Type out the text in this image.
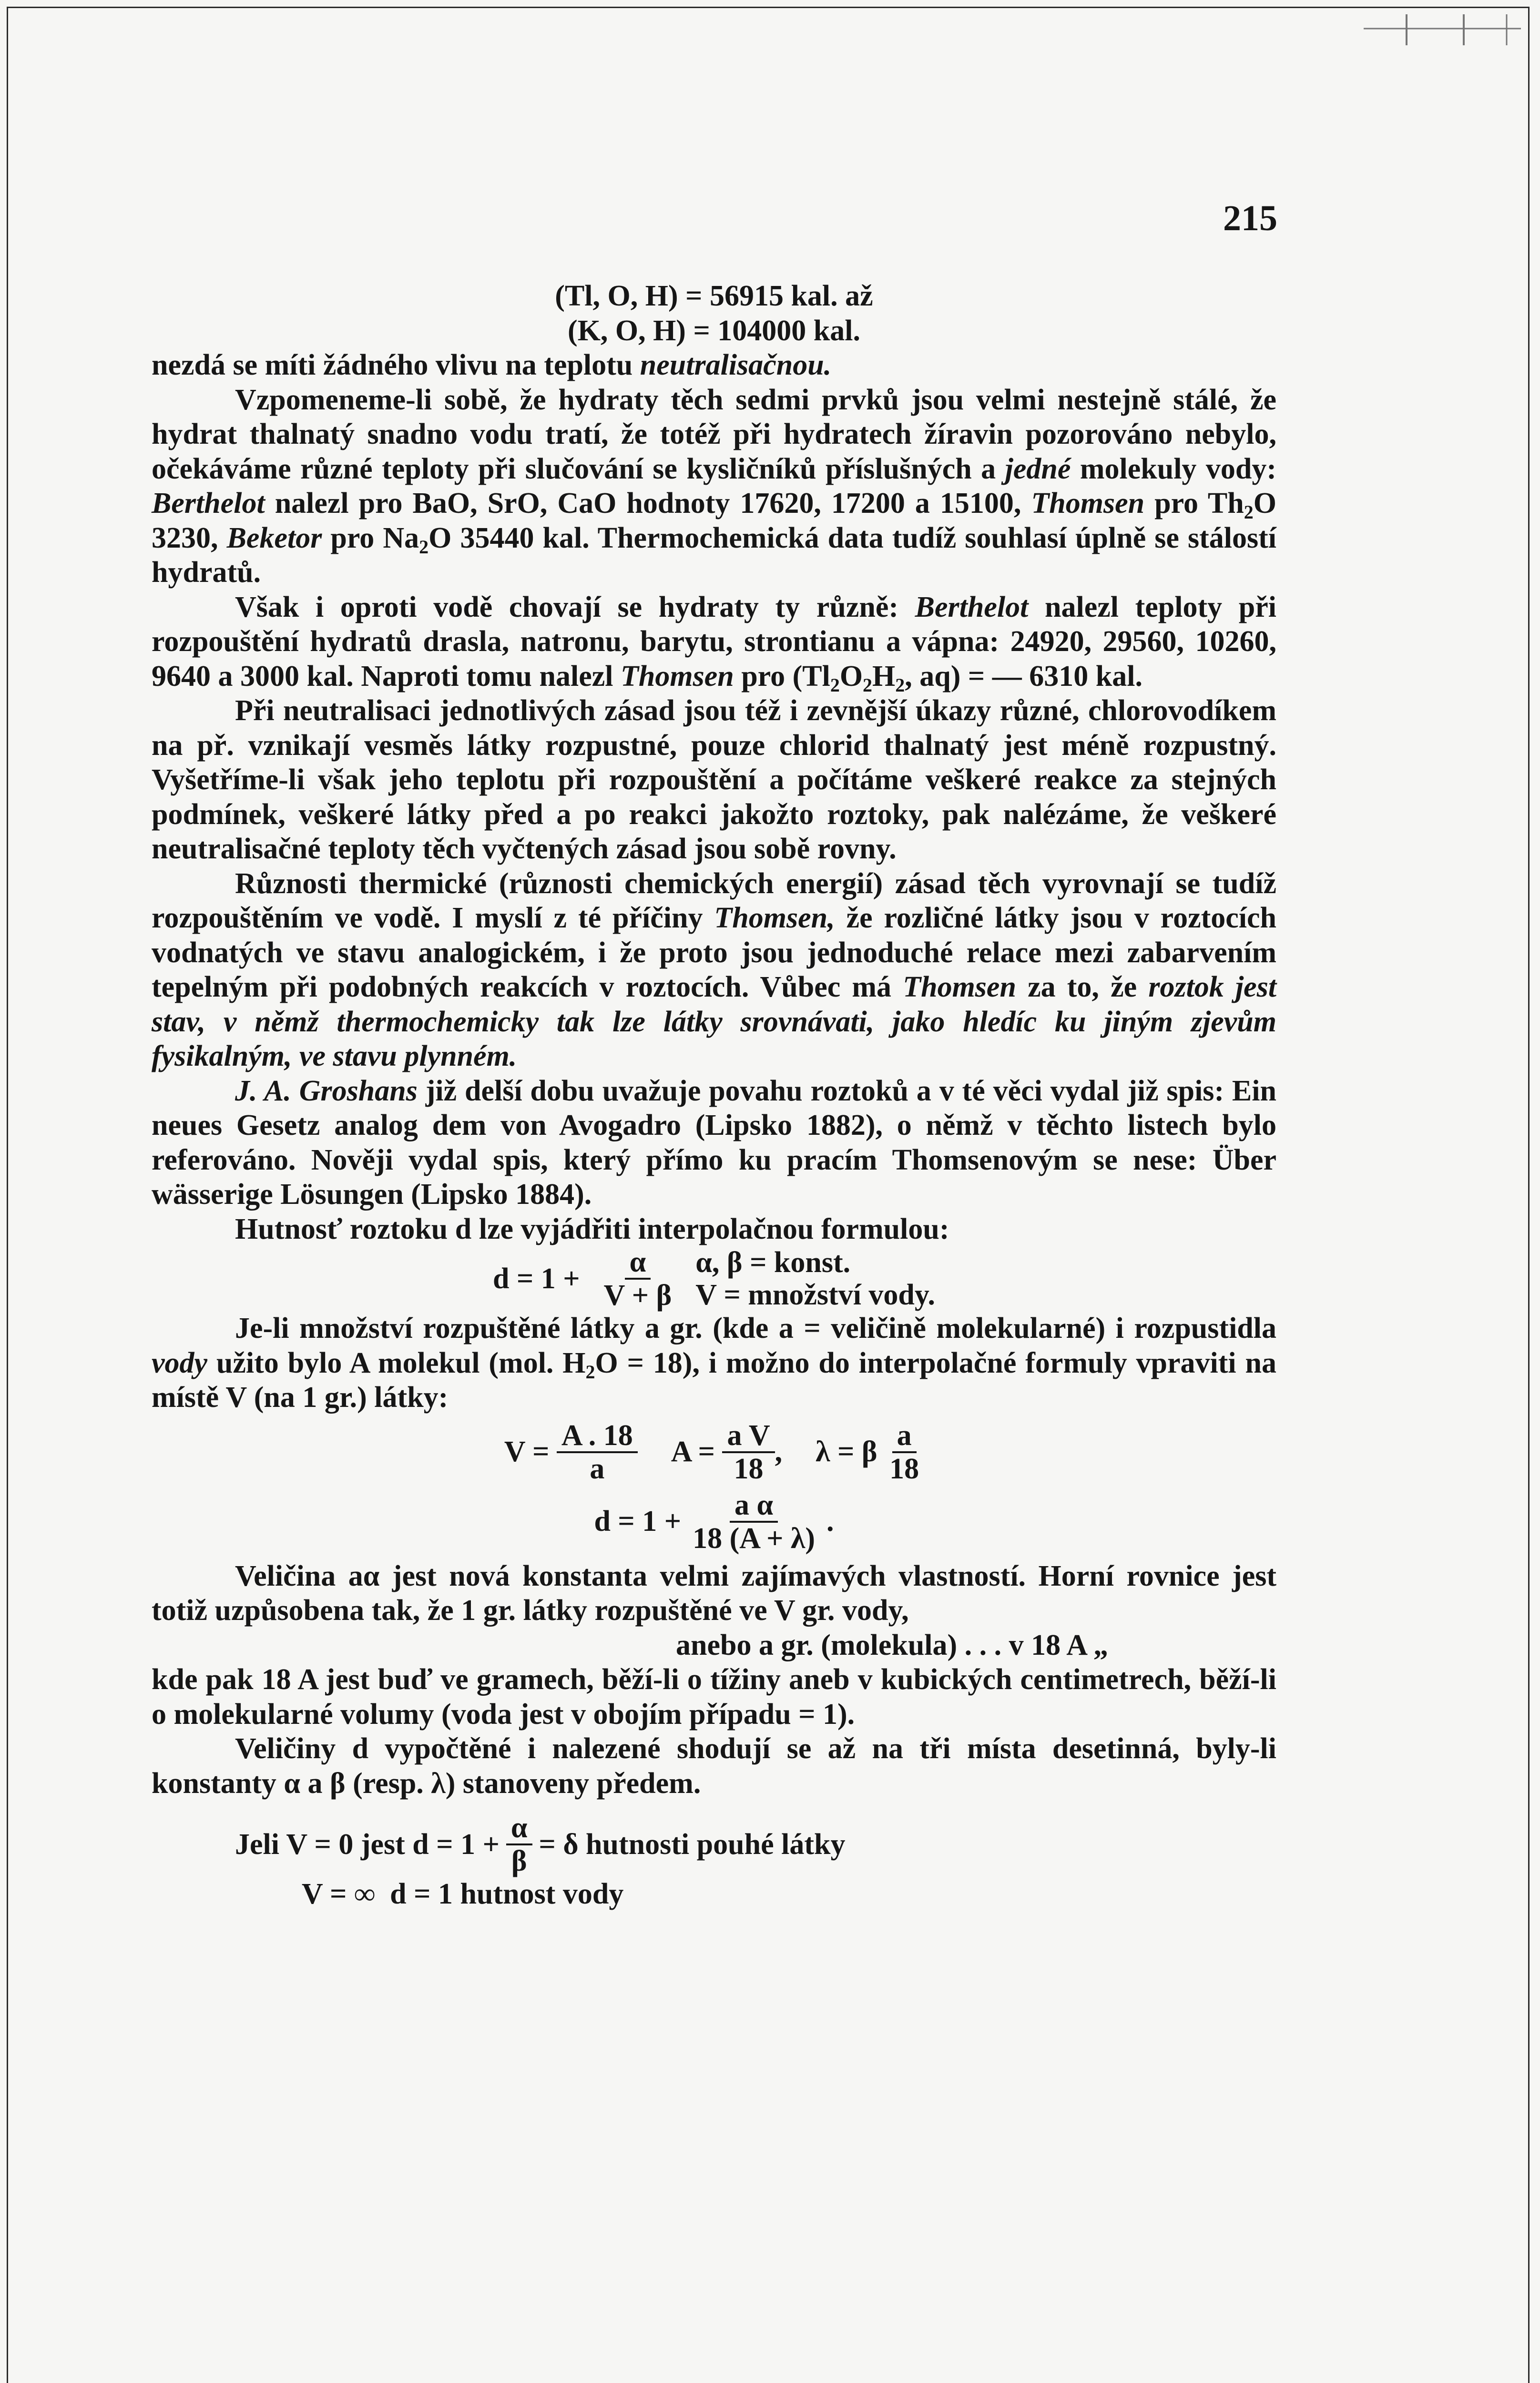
215

(Tl, O, H) = 56915 kal. až

(K, O, H) = 104000 kal.

nezdá se míti žádného vlivu na teplotu neutralisačnou.

Vzpomeneme-li sobě, že hydraty těch sedmi prvků jsou velmi nestejně stálé, že hydrat thalnatý snadno vodu tratí, že totéž při hydratech žíravin pozorováno nebylo, očekáváme různé teploty při slučování se kysličníků příslušných a jedné molekuly vody: Berthelot nalezl pro BaO, SrO, CaO hodnoty 17620, 17200 a 15100, Thomsen pro $Th_2O$ 3230, Beketor pro $Na_2O$ 35440 kal. Thermochemická data tudíž souhlasí úplně se stálostí hydratů.

Však i oproti vodě chovají se hydraty ty různě: Berthelot nalezl teploty při rozpouštění hydratů drasla, natronu, barytu, strontianu a vápna: 24920, 29560, 10260, 9640 a 3000 kal. Naproti tomu nalezl Thomsen pro ($Tl_2O_2H_2$, aq) = — 6310 kal.

Při neutralisaci jednotlivých zásad jsou též i zevnější úkazy různé, chlorovodíkem na př. vznikají vesměs látky rozpustné, pouze chlorid thalnatý jest méně rozpustný. Vyšetříme-li však jeho teplotu při rozpouštění a počítáme veškeré reakce za stejných podmínek, veškeré látky před a po reakci jakožto roztoky, pak nalézáme, že veškeré neutralisačné teploty těch vyčtených zásad jsou sobě rovny.

Různosti thermické (různosti chemických energií) zásad těch vyrovnají se tudíž rozpouštěním ve vodě. I myslí z té příčiny Thomsen, že rozličné látky jsou v roztocích vodnatých ve stavu analogickém, i že proto jsou jednoduché relace mezi zabarvením tepelným při podobných reakcích v roztocích. Vůbec má Thomsen za to, že roztok jest stav, v němž thermochemicky tak lze látky srovnávati, jako hledíc ku jiným zjevům fysikalným, ve stavu plynném.

J. A. Groshans již delší dobu uvažuje povahu roztoků a v té věci vydal již spis: Ein neues Gesetz analog dem von Avogadro (Lipsko 1882), o němž v těchto listech bylo referováno. Nověji vydal spis, který přímo ku pracím Thomsenovým se nese: Über wässerige Lösungen (Lipsko 1884).

Hutnosť roztoku d lze vyjádřiti interpolačnou formulou:

$d = 1 + \frac{\alpha}{V + \beta} \alpha$, β = konst.
V = množství vody.

Je-li množství rozpuštěné látky a gr. (kde a = veličině molekularné) i rozpustidla vody užito bylo A molekul (mol. $H_2O = 18$), i možno do interpolačné formuly vpraviti na místě V (na 1 gr.) látky:

V =
$\frac{A . 18}{a}$ A =
$\frac{\text{a V}}{18}$ , λ = β
$\frac{a}{18}$
$d = 1 + \frac{\text{a α}}{18 (A + \lambda)}$ .

Veličina aα jest nová konstanta velmi zajímavých vlastností. Horní rovnice jest totiž uzpůsobena tak, že 1 gr. látky rozpuštěné ve V gr. vody,

anebo a gr. (molekula) . . . v 18 A „

kde pak 18 A jest buď ve gramech, běží-li o tížiny aneb v kubických centimetrech, běží-li o molekularné volumy (voda jest v obojím případu = 1).

Veličiny d vypočtěné i nalezené shodují se až na tři místa desetinná, byly-li konstanty α a β (resp. λ) stanoveny předem.

Jeli V = 0 jest $d = 1 + \frac{\alpha}{\beta} = \delta$ hutnosti pouhé látky

V = ∞  d = 1 hutnost vody
